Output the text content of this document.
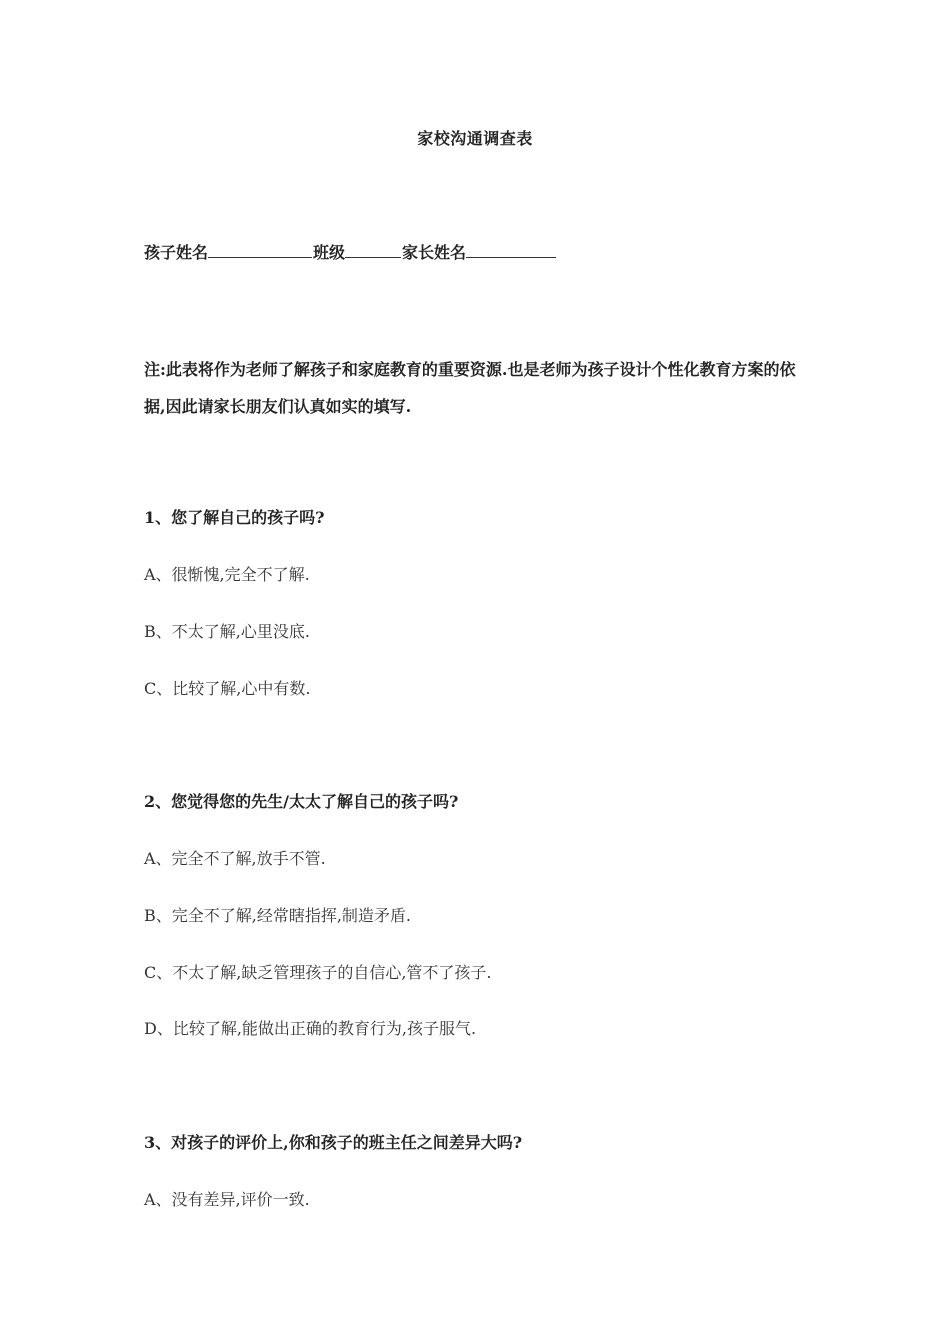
家校沟通调查表
孩子姓名	班级	家长姓名
注:此表将作为老师了解孩子和家庭教育的重要资源.也是老师为孩子设计个性化教育方案的依据,因此请家长朋友们认真如实的填写.
1、您了解自己的孩子吗?
A、很惭愧,完全不了解.
B、不太了解,心里没底.
C、比较了解,心中有数.
2、您觉得您的先生/太太了解自己的孩子吗?
A、完全不了解,放手不管.
B、完全不了解,经常瞎指挥,制造矛盾.
C、不太了解,缺乏管理孩子的自信心,管不了孩子.
D、比较了解,能做出正确的教育行为,孩子服气.
3、对孩子的评价上,你和孩子的班主任之间差异大吗?
A、没有差异,评价一致.
